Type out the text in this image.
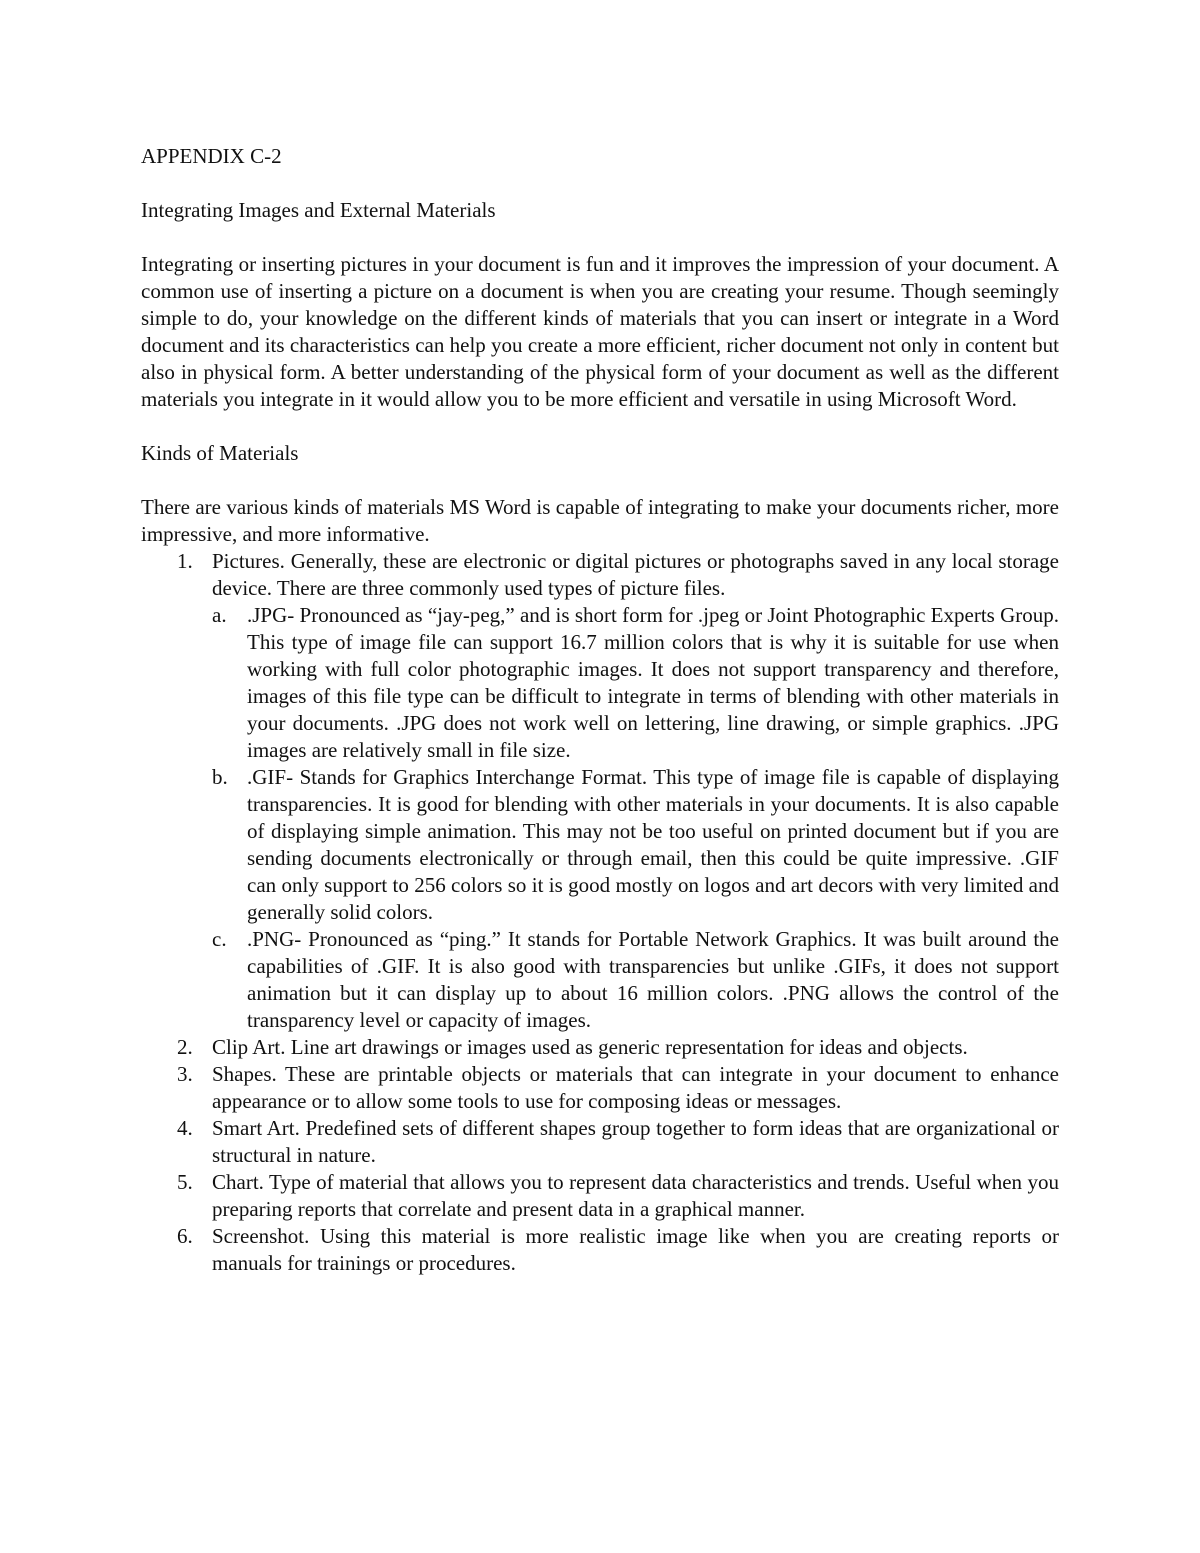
APPENDIX C-2

Integrating Images and External Materials

Integrating or inserting pictures in your document is fun and it improves the impression of your document. A common use of inserting a picture on a document is when you are creating your resume. Though seemingly simple to do, your knowledge on the different kinds of materials that you can insert or integrate in a Word document and its characteristics can help you create a more efficient, richer document not only in content but also in physical form. A better understanding of the physical form of your document as well as the different materials you integrate in it would allow you to be more efficient and versatile in using Microsoft Word.

Kinds of Materials

There are various kinds of materials MS Word is capable of integrating to make your documents richer, more impressive, and more informative.

1. Pictures. Generally, these are electronic or digital pictures or photographs saved in any local storage device. There are three commonly used types of picture files.
a. .JPG- Pronounced as “jay-peg,” and is short form for .jpeg or Joint Photographic Experts Group. This type of image file can support 16.7 million colors that is why it is suitable for use when working with full color photographic images. It does not support transparency and therefore, images of this file type can be difficult to integrate in terms of blending with other materials in your documents. .JPG does not work well on lettering, line drawing, or simple graphics. .JPG images are relatively small in file size.
b. .GIF- Stands for Graphics Interchange Format. This type of image file is capable of displaying transparencies. It is good for blending with other materials in your documents. It is also capable of displaying simple animation. This may not be too useful on printed document but if you are sending documents electronically or through email, then this could be quite impressive. .GIF can only support to 256 colors so it is good mostly on logos and art decors with very limited and generally solid colors.
c. .PNG- Pronounced as “ping.” It stands for Portable Network Graphics. It was built around the capabilities of .GIF. It is also good with transparencies but unlike .GIFs, it does not support animation but it can display up to about 16 million colors. .PNG allows the control of the transparency level or capacity of images.
2. Clip Art. Line art drawings or images used as generic representation for ideas and objects.
3. Shapes. These are printable objects or materials that can integrate in your document to enhance appearance or to allow some tools to use for composing ideas or messages.
4. Smart Art. Predefined sets of different shapes group together to form ideas that are organizational or structural in nature.
5. Chart. Type of material that allows you to represent data characteristics and trends. Useful when you preparing reports that correlate and present data in a graphical manner.
6. Screenshot. Using this material is more realistic image like when you are creating reports or manuals for trainings or procedures.
